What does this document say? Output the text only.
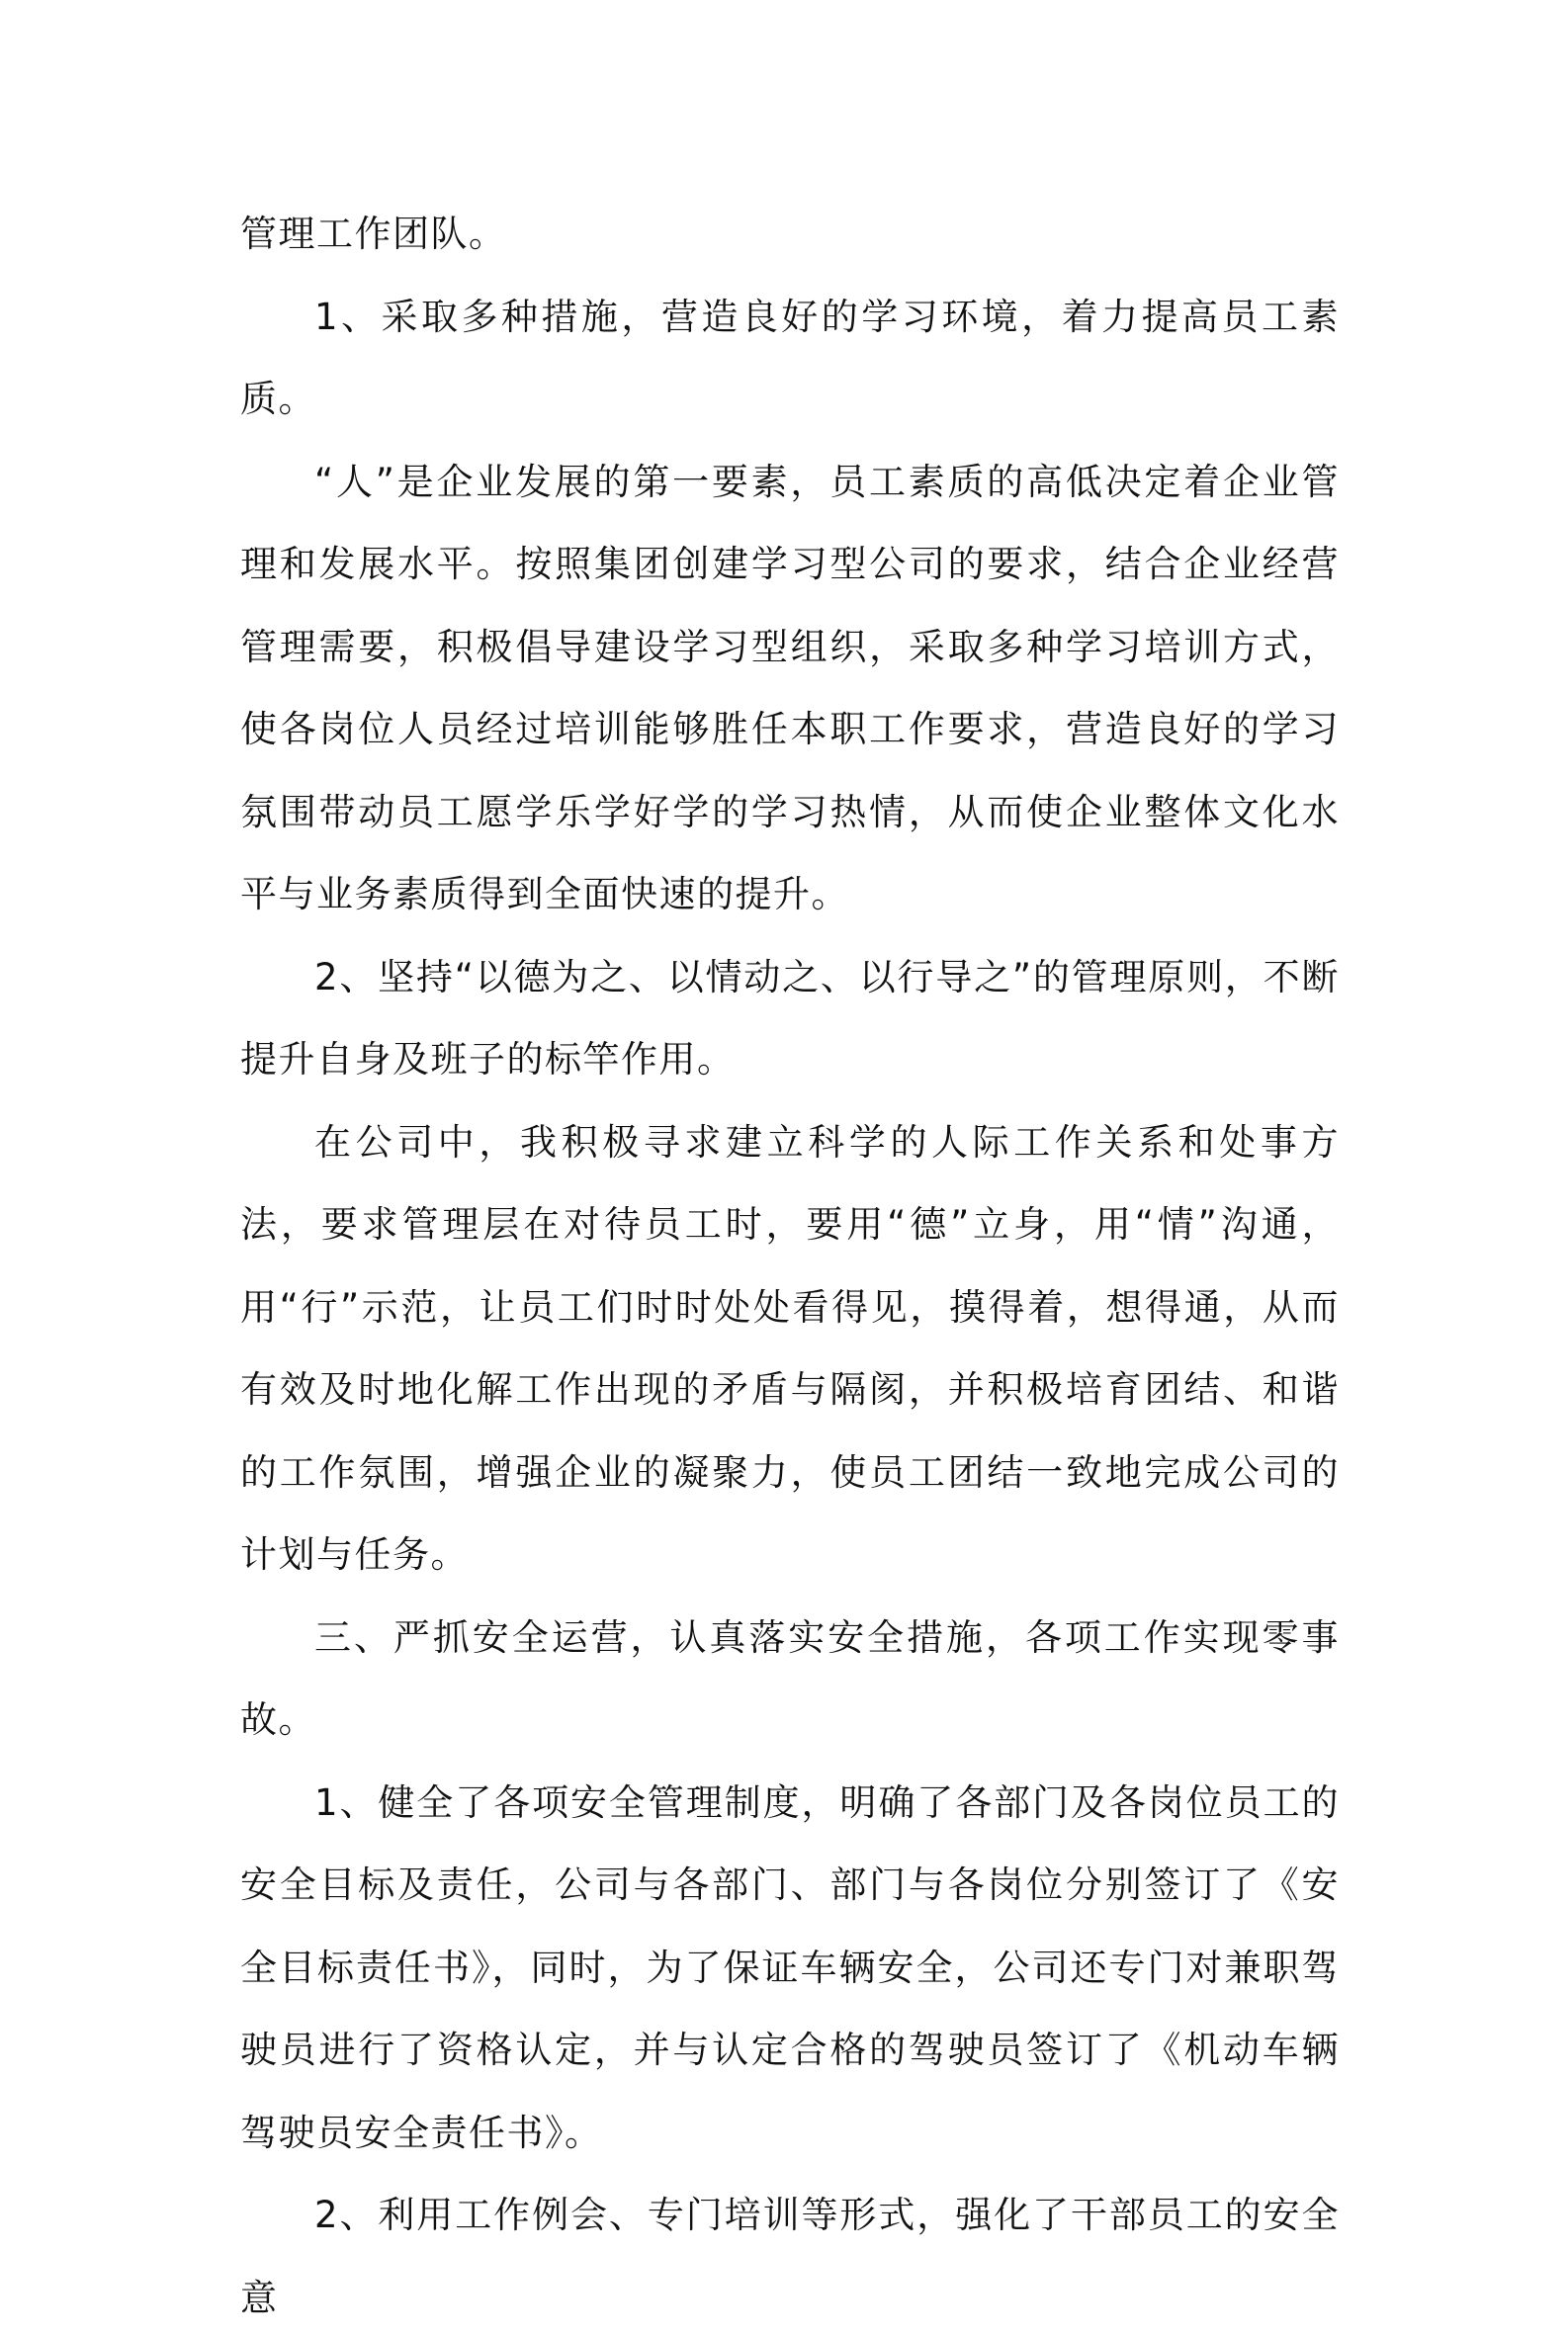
管理工作团队。

1、采取多种措施，营造良好的学习环境，着力提高员工素质。

“人”是企业发展的第一要素，员工素质的高低决定着企业管理和发展水平。按照集团创建学习型公司的要求，结合企业经营管理需要，积极倡导建设学习型组织，采取多种学习培训方式，使各岗位人员经过培训能够胜任本职工作要求，营造良好的学习氛围带动员工愿学乐学好学的学习热情，从而使企业整体文化水平与业务素质得到全面快速的提升。

2、坚持“以德为之、以情动之、以行导之”的管理原则，不断提升自身及班子的标竿作用。

在公司中，我积极寻求建立科学的人际工作关系和处事方法，要求管理层在对待员工时，要用“德”立身，用“情”沟通，用“行”示范，让员工们时时处处看得见，摸得着，想得通，从而有效及时地化解工作出现的矛盾与隔阂，并积极培育团结、和谐的工作氛围，增强企业的凝聚力，使员工团结一致地完成公司的计划与任务。

三、严抓安全运营，认真落实安全措施，各项工作实现零事故。

1、健全了各项安全管理制度，明确了各部门及各岗位员工的安全目标及责任，公司与各部门、部门与各岗位分别签订了《安全目标责任书》，同时，为了保证车辆安全，公司还专门对兼职驾驶员进行了资格认定，并与认定合格的驾驶员签订了《机动车辆驾驶员安全责任书》。

2、利用工作例会、专门培训等形式，强化了干部员工的安全意
